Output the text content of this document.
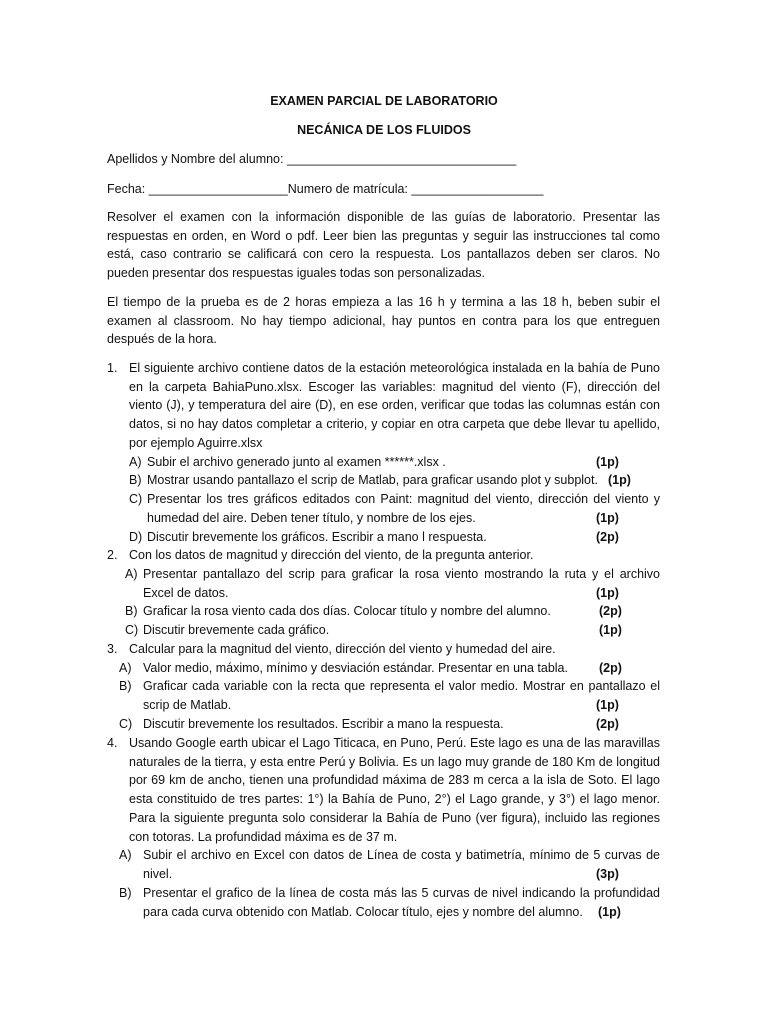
EXAMEN PARCIAL DE LABORATORIO
NECÁNICA DE LOS FLUIDOS
Apellidos y Nombre del alumno: _________________________________
Fecha: ____________________Numero de matrícula: ___________________
Resolver el examen con la información disponible de las guías de laboratorio. Presentar las respuestas en orden, en Word o pdf. Leer bien las preguntas y seguir las instrucciones tal como está, caso contrario se calificará con cero la respuesta. Los pantallazos deben ser claros. No pueden presentar dos respuestas iguales todas son personalizadas.
El tiempo de la prueba es de 2 horas empieza a las 16 h y termina a las 18 h, beben subir el examen al classroom. No hay tiempo adicional, hay puntos en contra para los que entreguen después de la hora.
1. El siguiente archivo contiene datos de la estación meteorológica instalada en la bahía de Puno en la carpeta BahiaPuno.xlsx. Escoger las variables: magnitud del viento (F), dirección del viento (J), y temperatura del aire (D), en ese orden, verificar que todas las columnas están con datos, si no hay datos completar a criterio, y copiar en otra carpeta que debe llevar tu apellido, por ejemplo Aguirre.xlsx
A) Subir el archivo generado junto al examen ******.xlsx .	(1p)
B) Mostrar usando pantallazo el scrip de Matlab, para graficar usando plot y subplot. (1p)
C) Presentar los tres gráficos editados con Paint: magnitud del viento, dirección del viento y humedad del aire. Deben tener título, y nombre de los ejes.	(1p)
D) Discutir brevemente los gráficos. Escribir a mano l respuesta.	(2p)
2. Con los datos de magnitud y dirección del viento, de la pregunta anterior.
A) Presentar pantallazo del scrip para graficar la rosa viento mostrando la ruta y el archivo Excel de datos.	(1p)
B) Graficar la rosa viento cada dos días. Colocar título y nombre del alumno.	(2p)
C) Discutir brevemente cada gráfico.	(1p)
3. Calcular para la magnitud del viento, dirección del viento y humedad del aire.
A) Valor medio, máximo, mínimo y desviación estándar. Presentar en una tabla.	(2p)
B) Graficar cada variable con la recta que representa el valor medio. Mostrar en pantallazo el scrip de Matlab.	(1p)
C) Discutir brevemente los resultados. Escribir a mano la respuesta.	(2p)
4. Usando Google earth ubicar el Lago Titicaca, en Puno, Perú. Este lago es una de las maravillas naturales de la tierra, y esta entre Perú y Bolivia. Es un lago muy grande de 180 Km de longitud por 69 km de ancho, tienen una profundidad máxima de 283 m cerca a la isla de Soto. El lago esta constituido de tres partes: 1°) la Bahía de Puno, 2°) el Lago grande, y 3°) el lago menor. Para la siguiente pregunta solo considerar la Bahía de Puno (ver figura), incluido las regiones con totoras. La profundidad máxima es de 37 m.
A) Subir el archivo en Excel con datos de Línea de costa y batimetría, mínimo de 5 curvas de nivel.	(3p)
B) Presentar el grafico de la línea de costa más las 5 curvas de nivel indicando la profundidad para cada curva obtenido con Matlab. Colocar título, ejes y nombre del alumno.	(1p)
